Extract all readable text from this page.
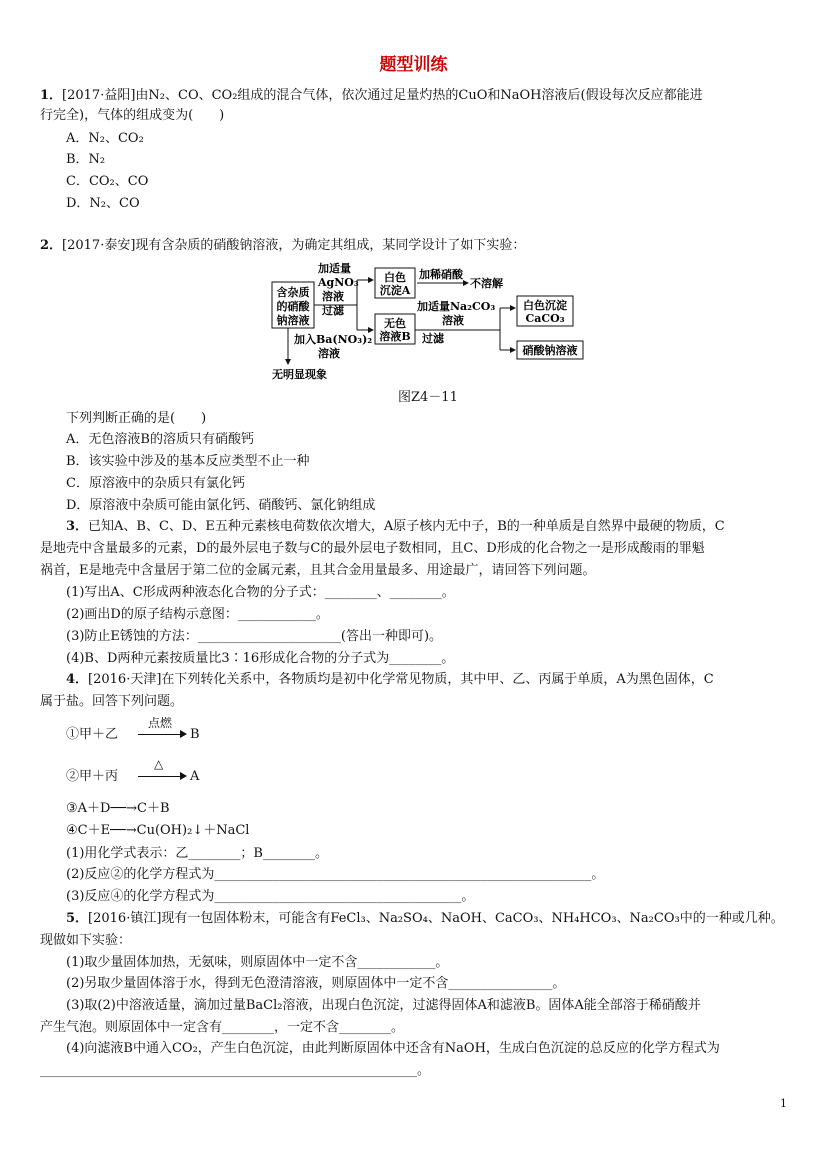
题型训练
1．[2017·益阳]由N₂、CO、CO₂组成的混合气体，依次通过足量灼热的CuO和NaOH溶液后(假设每次反应都能进
行完全)，气体的组成变为(　　)
A．N₂、CO₂
B．N₂
C．CO₂、CO
D．N₂、CO
2．[2017·泰安]现有含杂质的硝酸钠溶液，为确定其组成，某同学设计了如下实验：
含杂质
的硝酸
钠溶液
加适量
AgNO₃
溶液
过滤
白色
沉淀A
加稀硝酸
不溶解
无色
溶液B
加适量Na₂CO₃
溶液
过滤
白色沉淀
CaCO₃
硝酸钠溶液
加入Ba(NO₃)₂
溶液
无明显现象
图Z4－11
下列判断正确的是(　　)
A．无色溶液B的溶质只有硝酸钙
B．该实验中涉及的基本反应类型不止一种
C．原溶液中的杂质只有氯化钙
D．原溶液中杂质可能由氯化钙、硝酸钙、氯化钠组成
3．已知A、B、C、D、E五种元素核电荷数依次增大，A原子核内无中子，B的一种单质是自然界中最硬的物质，C
是地壳中含量最多的元素，D的最外层电子数与C的最外层电子数相同，且C、D形成的化合物之一是形成酸雨的罪魁
祸首，E是地壳中含量居于第二位的金属元素，且其合金用量最多、用途最广，请回答下列问题。
(1)写出A、C形成两种液态化合物的分子式：________、________。
(2)画出D的原子结构示意图：____________。
(3)防止E锈蚀的方法：______________________(答出一种即可)。
(4)B、D两种元素按质量比3∶16形成化合物的分子式为________。
4．[2016·天津]在下列转化关系中，各物质均是初中化学常见物质，其中甲、乙、丙属于单质，A为黑色固体，C
属于盐。回答下列问题。
①甲＋乙
点燃
B
②甲＋丙
△
A
③A＋D──→C＋B
④C＋E──→Cu(OH)₂↓＋NaCl
(1)用化学式表示：乙________；B________。
(2)反应②的化学方程式为__________________________________________________________。
(3)反应④的化学方程式为______________________________________。
5．[2016·镇江]现有一包固体粉末，可能含有FeCl₃、Na₂SO₄、NaOH、CaCO₃、NH₄HCO₃、Na₂CO₃中的一种或几种。
现做如下实验：
(1)取少量固体加热，无氨味，则原固体中一定不含____________。
(2)另取少量固体溶于水，得到无色澄清溶液，则原固体中一定不含________________。
(3)取(2)中溶液适量，滴加过量BaCl₂溶液，出现白色沉淀，过滤得固体A和滤液B。固体A能全部溶于稀硝酸并
产生气泡。则原固体中一定含有________，一定不含________。
(4)向滤液B中通入CO₂，产生白色沉淀，由此判断原固体中还含有NaOH，生成白色沉淀的总反应的化学方程式为
__________________________________________________________。
1
